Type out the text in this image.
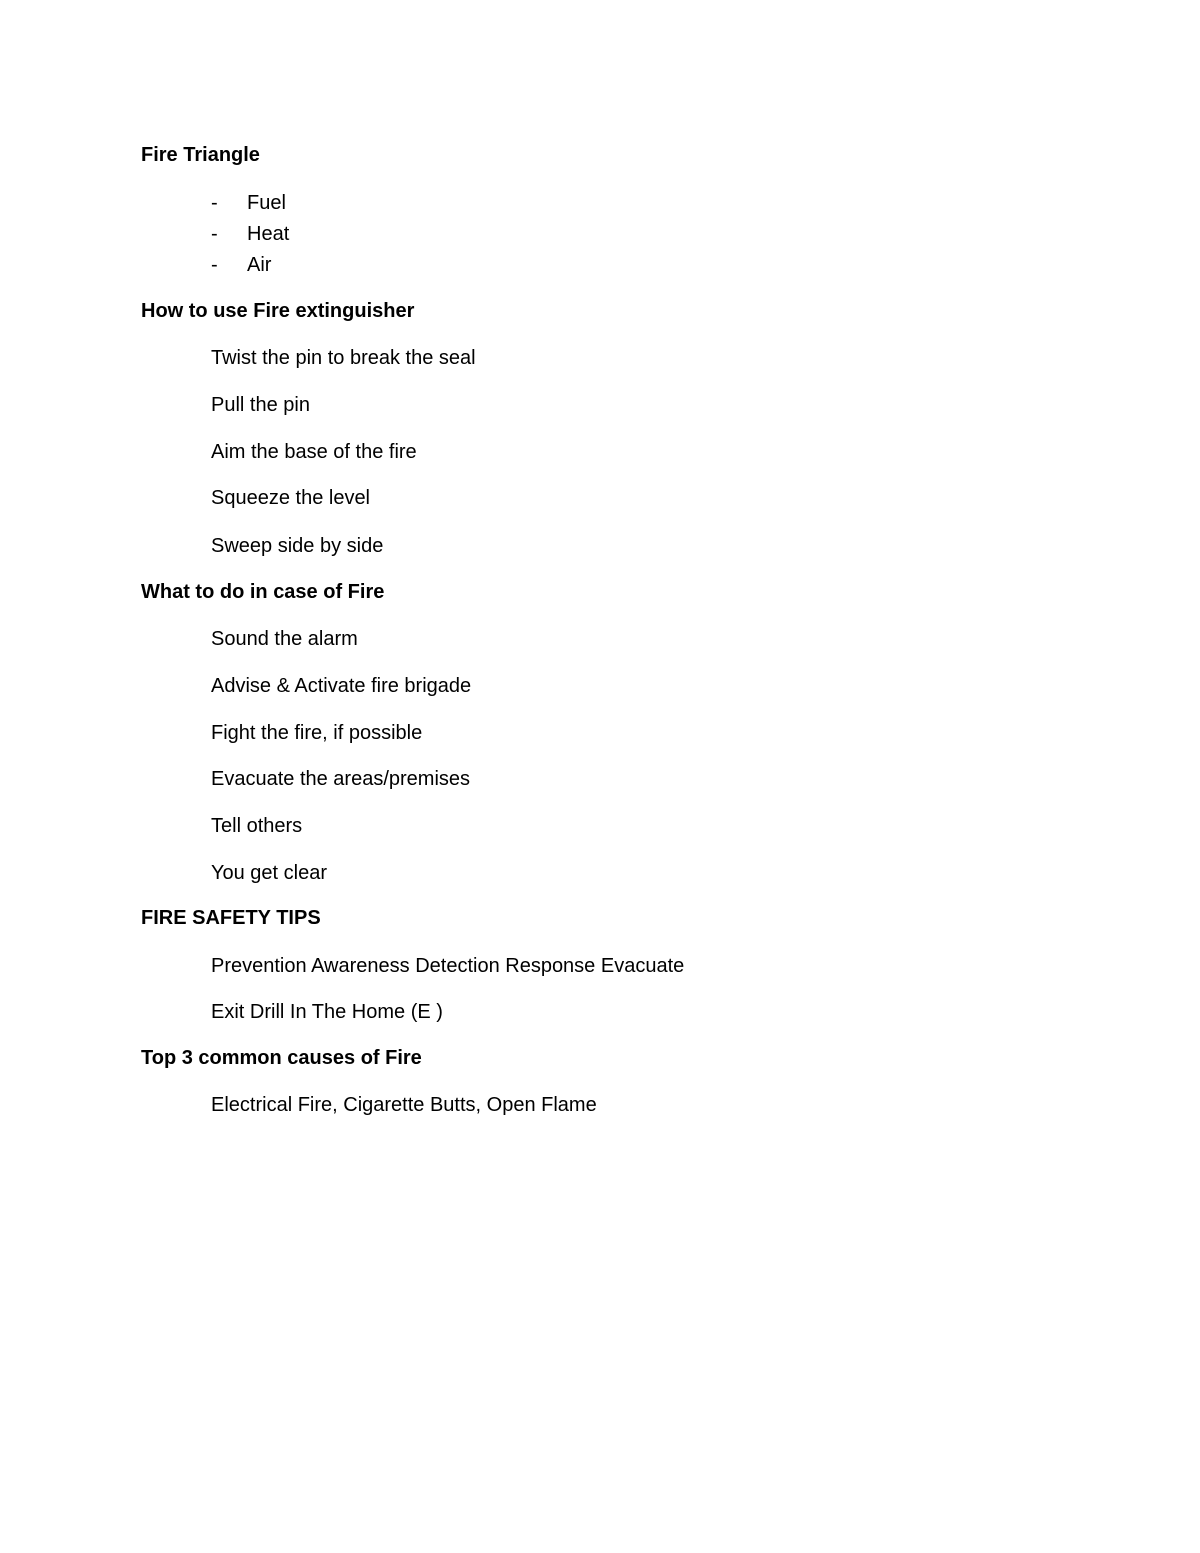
Fire Triangle
- Fuel
- Heat
- Air
How to use Fire extinguisher
Twist the pin to break the seal
Pull the pin
Aim the base of the fire
Squeeze the level
Sweep side by side
What to do in case of Fire
Sound the alarm
Advise & Activate fire brigade
Fight the fire, if possible
Evacuate the areas/premises
Tell others
You get clear
FIRE SAFETY TIPS
Prevention Awareness Detection Response Evacuate
Exit Drill In The Home (E )
Top 3 common causes of Fire
Electrical Fire, Cigarette Butts, Open Flame
